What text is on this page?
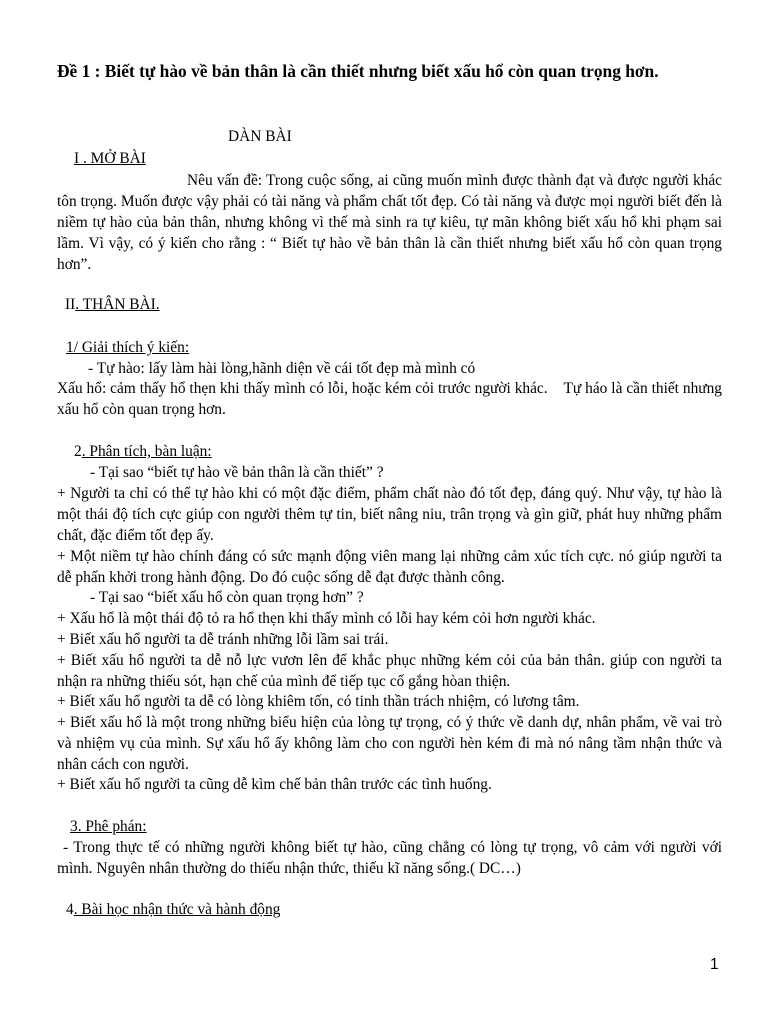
Đề 1 : Biết tự hào về bản thân là cần thiết nhưng biết xấu hổ còn quan trọng hơn.
DÀN BÀI
I . MỞ BÀI
Nêu vấn đề: Trong cuộc sống, ai cũng muốn mình được thành đạt và được người khác tôn trọng. Muốn được vậy phải có tài năng và phẩm chất tốt đẹp. Có tài năng và được mọi người biết đến là niềm tự hào của bản thân, nhưng không vì thế mà sinh ra tự kiêu, tự mãn không biết xấu hổ khi phạm sai lầm. Vì vậy, có ý kiến cho rằng : “ Biết tự hào về bản thân là cần thiết nhưng biết xấu hổ còn quan trọng hơn”.
II. THÂN BÀI.
1/ Giải thích ý kiến:
- Tự hào: lấy làm hài lòng,hãnh diện về cái tốt đẹp mà mình có
Xấu hổ: cảm thấy hổ thẹn khi thấy mình có lỗi, hoặc kém cỏi trước người khác. Tự háo là cần thiết nhưng xấu hổ còn quan trọng hơn.
2. Phân tích, bàn luận:
- Tại sao “biết tự hào về bản thân là cần thiết” ?
+ Người ta chỉ có thể tự hào khi có một đặc điểm, phẩm chất nào đó tốt đẹp, đáng quý. Như vậy, tự hào là một thái độ tích cực giúp con người thêm tự tin, biết nâng niu, trân trọng và gìn giữ, phát huy những phẩm chất, đặc điểm tốt đẹp ấy.
+ Một niềm tự hào chính đáng có sức mạnh động viên mang lại những cảm xúc tích cực. nó giúp người ta dễ phấn khởi trong hành động. Do đó cuộc sống dễ đạt được thành công.
- Tại sao “biết xấu hổ còn quan trọng hơn” ?
+ Xấu hổ là một thái độ tỏ ra hổ thẹn khi thấy mình có lỗi hay kém cỏi hơn người khác.
+ Biết xấu hổ người ta dễ tránh những lỗi lầm sai trái.
+ Biết xấu hổ người ta dễ nỗ lực vươn lên để khắc phục những kém cỏi của bản thân. giúp con người ta nhận ra những thiếu sót, hạn chế của mình để tiếp tục cố gắng hòan thiện.
+ Biết xấu hổ người ta dễ có lòng khiêm tốn, có tinh thần trách nhiệm, có lương tâm.
+ Biết xấu hổ là một trong những biểu hiện của lòng tự trọng, có ý thức về danh dự, nhân phẩm, về vai trò và nhiệm vụ của mình. Sự xấu hổ ấy không làm cho con người hèn kém đi mà nó nâng tầm nhận thức và nhân cách con người.
+ Biết xấu hổ người ta cũng dễ kìm chế bản thân trước các tình huống.
3. Phê phán:
- Trong thực tế có những người không biết tự hào, cũng chẳng có lòng tự trọng, vô cảm với người với mình. Nguyên nhân thường do thiếu nhận thức, thiếu kĩ năng sống.( DC…)
4. Bài học nhận thức và hành động
1
